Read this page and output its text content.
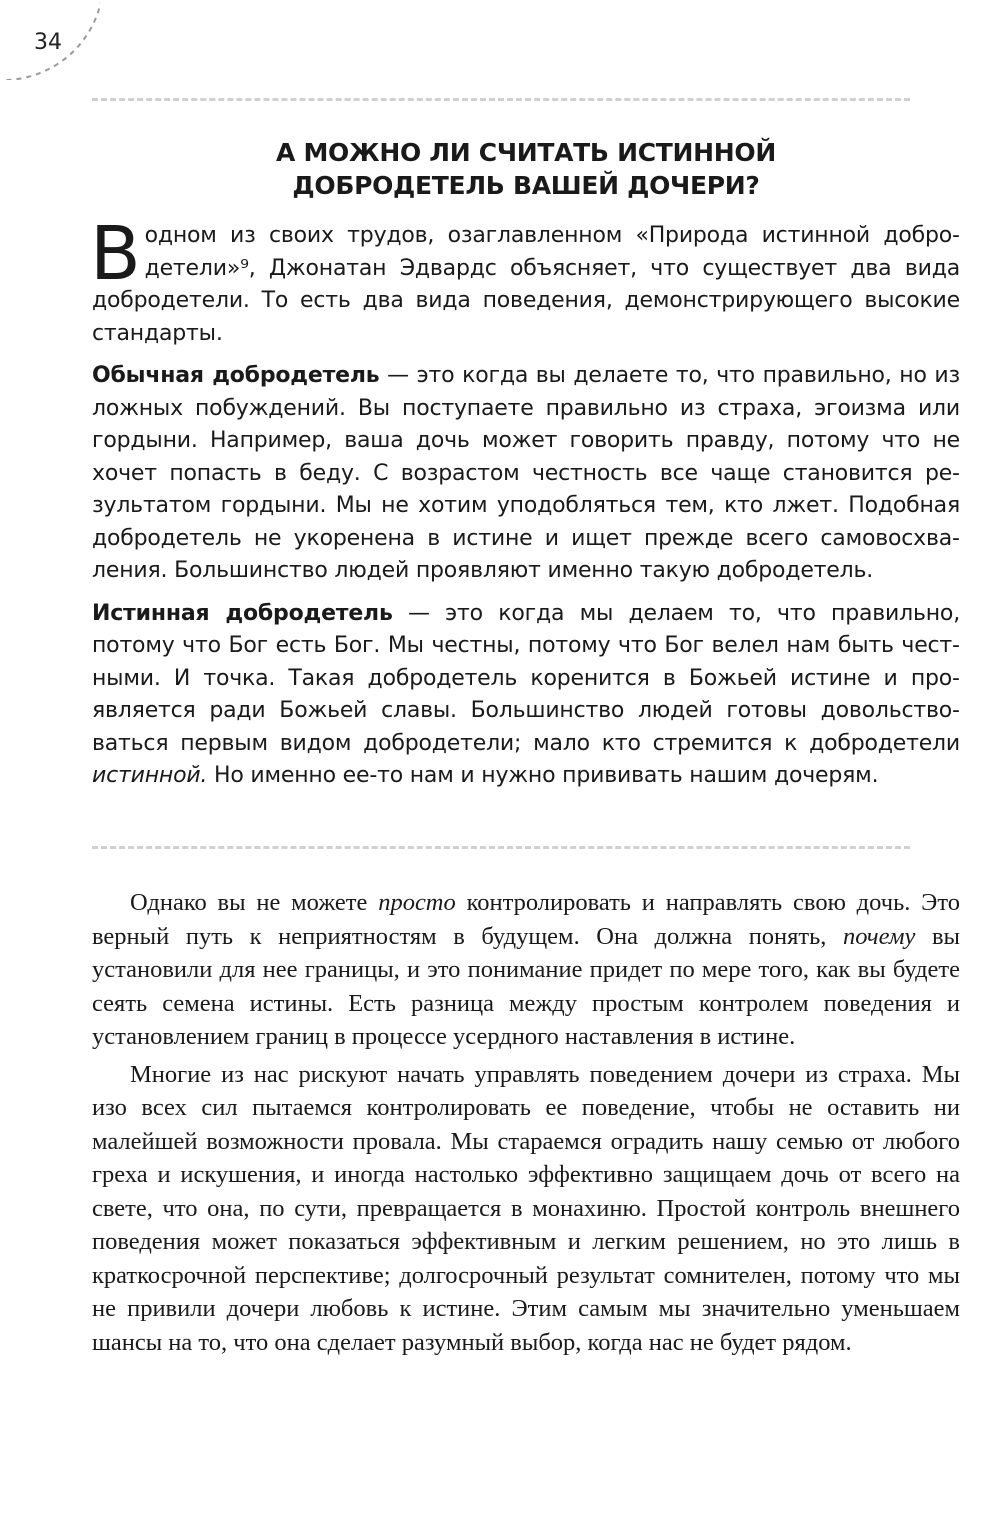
34
А МОЖНО ЛИ СЧИТАТЬ ИСТИННОЙ
ДОБРОДЕТЕЛЬ ВАШЕЙ ДОЧЕРИ?

Водном из своих трудов, озаглавленном «Природа истинной добродетели»⁹, Джонатан Эдвардс объясняет, что существует два вида добродетели. То есть два вида поведения, демонстрирующего высокие стандарты.

Обычная добродетель — это когда вы делаете то, что правильно, но из ложных побуждений. Вы поступаете правильно из страха, эгоизма или гордыни. Например, ваша дочь может говорить правду, потому что не хочет попасть в беду. С возрастом честность все чаще становится результатом гордыни. Мы не хотим уподобляться тем, кто лжет. Подобная добродетель не укоренена в истине и ищет прежде всего самовосхваления. Большинство людей проявляют именно такую добродетель.

Истинная добродетель — это когда мы делаем то, что правильно, потому что Бог есть Бог. Мы честны, потому что Бог велел нам быть честными. И точка. Такая добродетель коренится в Божьей истине и проявляется ради Божьей славы. Большинство людей готовы довольствоваться первым видом добродетели; мало кто стремится к добродетели истинной. Но именно ее-то нам и нужно прививать нашим дочерям.

Однако вы не можете просто контролировать и направлять свою дочь. Это верный путь к неприятностям в будущем. Она должна понять, почему вы установили для нее границы, и это понимание придет по мере того, как вы будете сеять семена истины. Есть разница между простым контролем поведения и установлением границ в процессе усердного наставления в истине.

Многие из нас рискуют начать управлять поведением дочери из страха. Мы изо всех сил пытаемся контролировать ее поведение, чтобы не оставить ни малейшей возможности провала. Мы стараемся оградить нашу семью от любого греха и искушения, и иногда настолько эффективно защищаем дочь от всего на свете, что она, по сути, превращается в монахиню. Простой контроль внешнего поведения может показаться эффективным и легким решением, но это лишь в краткосрочной перспективе; долгосрочный результат сомнителен, потому что мы не привили дочери любовь к истине. Этим самым мы значительно уменьшаем шансы на то, что она сделает разумный выбор, когда нас не будет рядом.
